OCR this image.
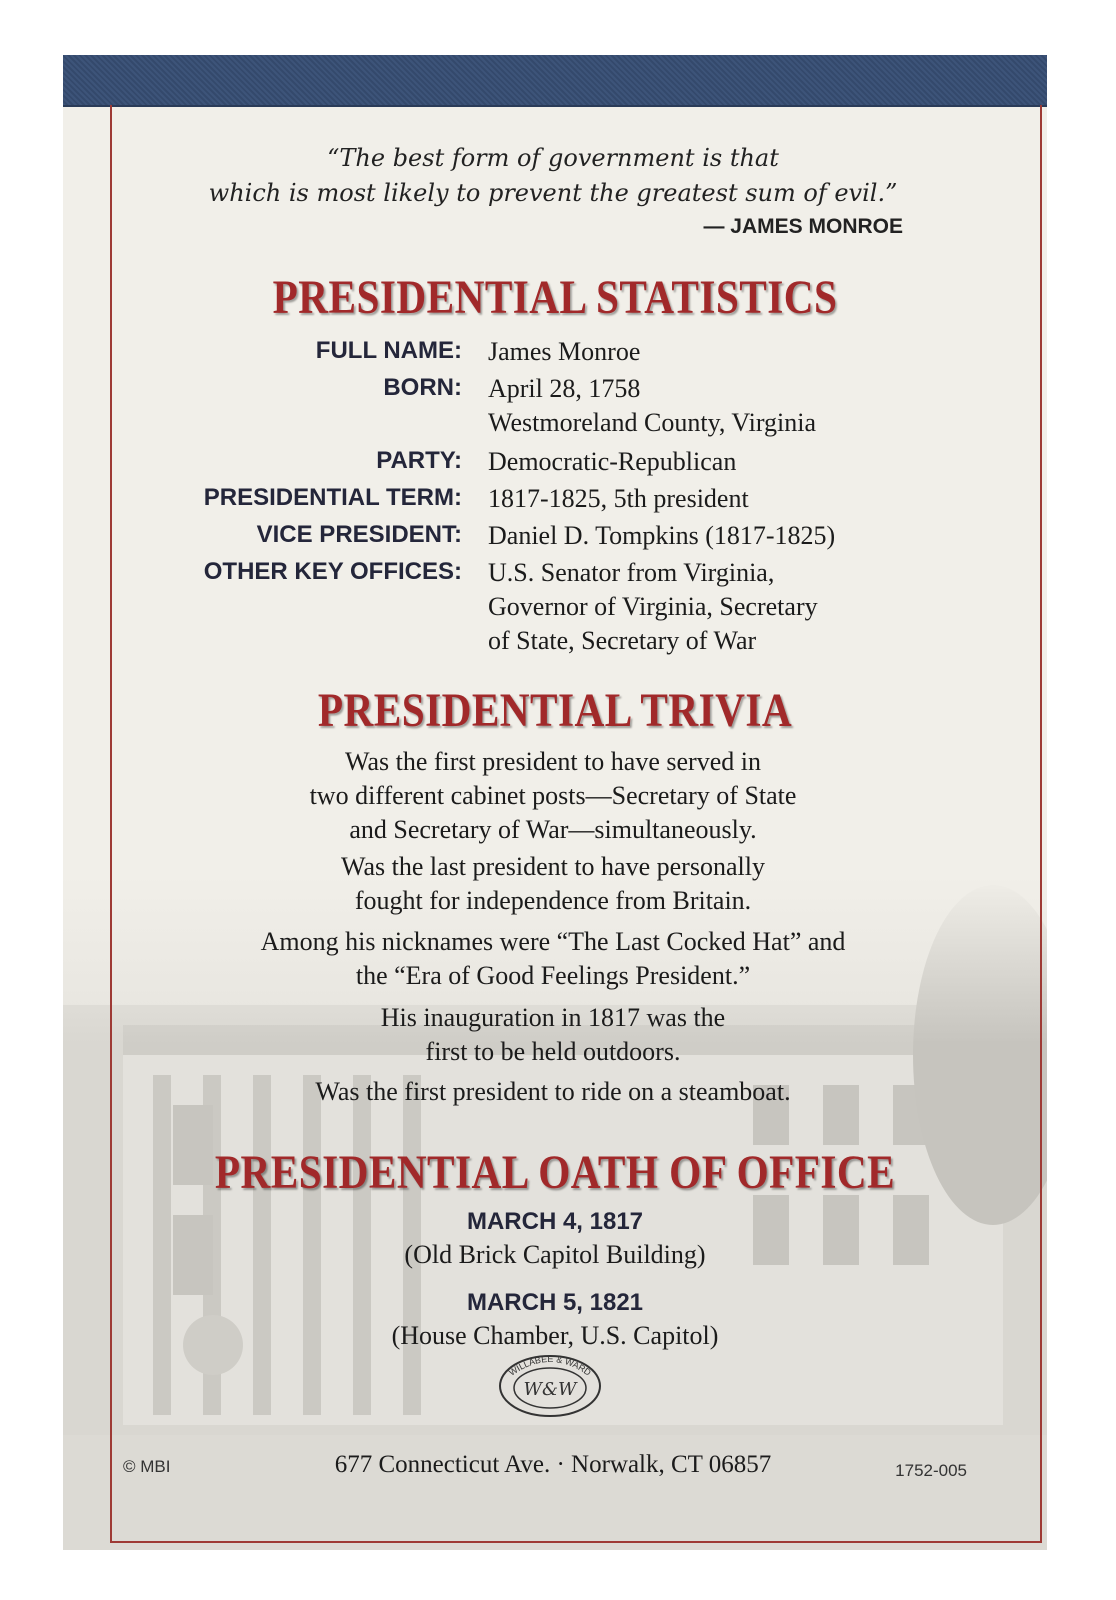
“The best form of government is that
which is most likely to prevent the greatest sum of evil.”
— JAMES MONROE
PRESIDENTIAL STATISTICS
FULL NAME: James Monroe
BORN: April 28, 1758
Westmoreland County, Virginia
PARTY: Democratic-Republican
PRESIDENTIAL TERM: 1817-1825, 5th president
VICE PRESIDENT: Daniel D. Tompkins (1817-1825)
OTHER KEY OFFICES: U.S. Senator from Virginia,
Governor of Virginia, Secretary
of State, Secretary of War
PRESIDENTIAL TRIVIA

Was the first president to have served in
two different cabinet posts—Secretary of State
and Secretary of War—simultaneously.

Was the last president to have personally
fought for independence from Britain.

Among his nicknames were “The Last Cocked Hat” and
the “Era of Good Feelings President.”

His inauguration in 1817 was the
first to be held outdoors.

Was the first president to ride on a steamboat.

PRESIDENTIAL OATH OF OFFICE
MARCH 4, 1817
(Old Brick Capitol Building)
MARCH 5, 1821
(House Chamber, U.S. Capitol)
WILLABEE & WARD
W&W
© MBI	677 Connecticut Ave. · Norwalk, CT 06857	1752-005
